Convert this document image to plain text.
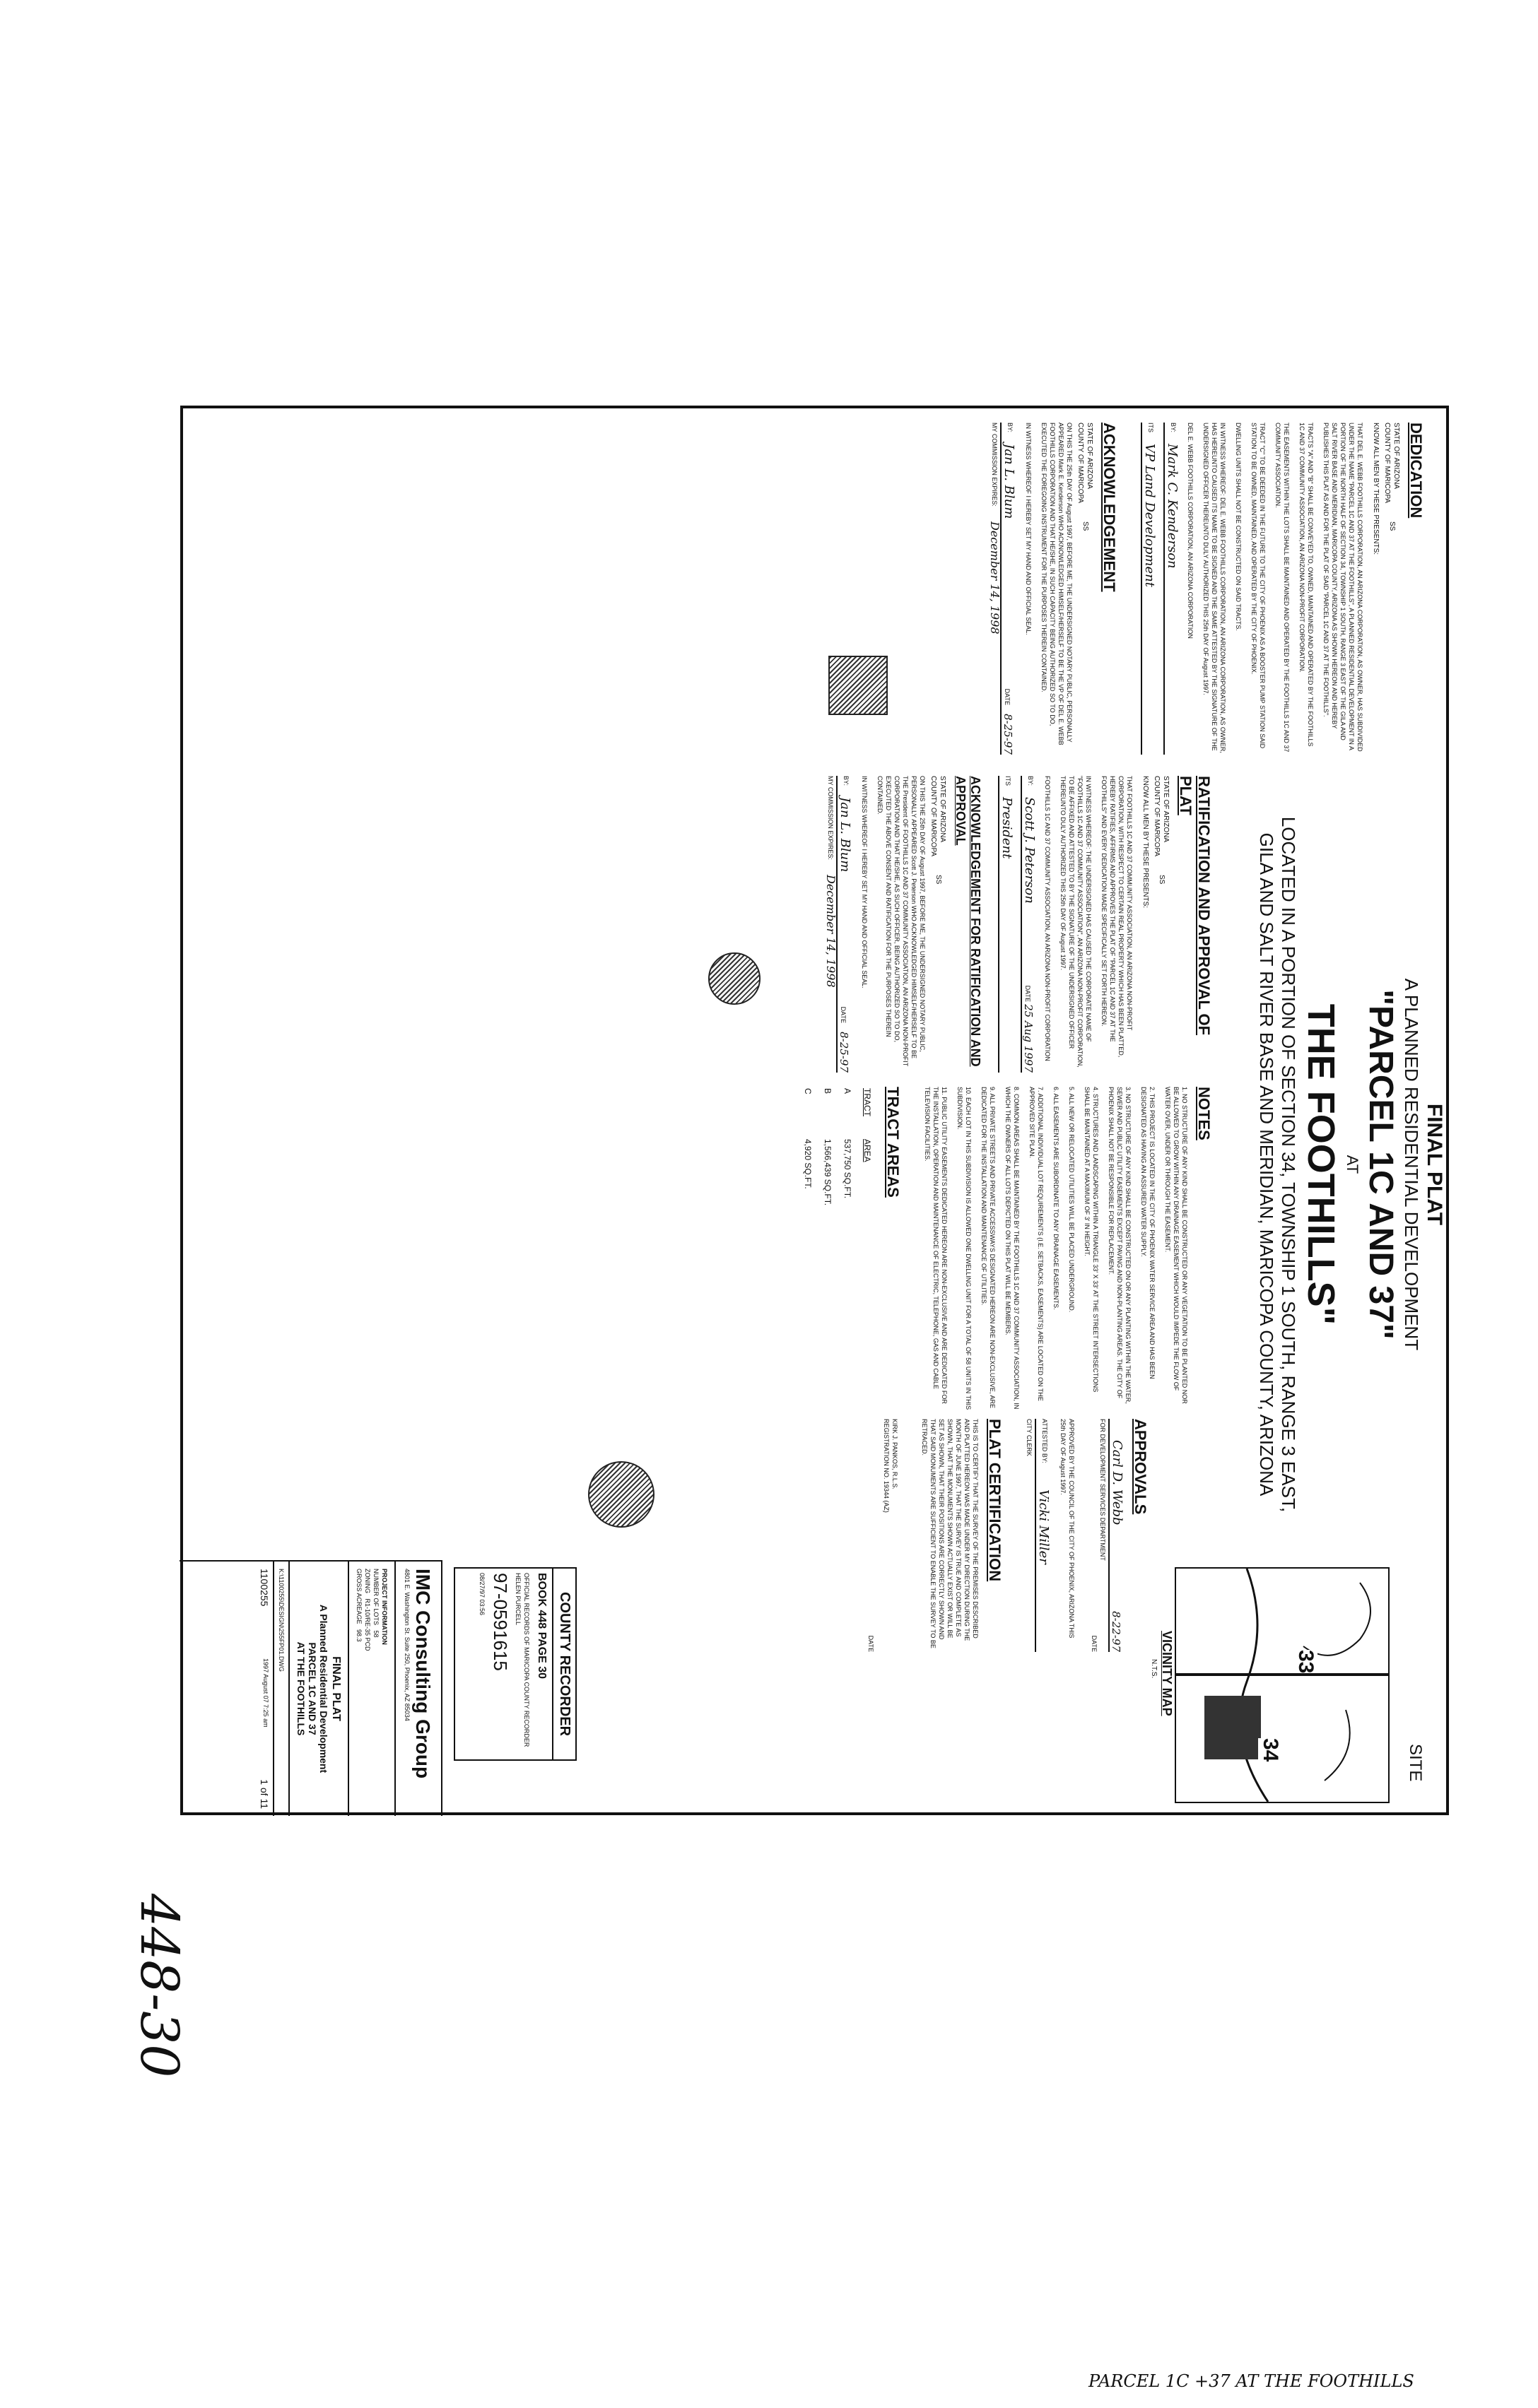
DEDICATION
STATE OF ARIZONA
COUNTY OF MARICOPA
SS
KNOW ALL MEN BY THESE PRESENTS:
THAT DEL E. WEBB FOOTHILLS CORPORATION, AN ARIZONA CORPORATION, AS OWNER, HAS SUBDIVIDED UNDER THE NAME "PARCEL 1C AND 37 AT THE FOOTHILLS", A PLANNED RESIDENTIAL DEVELOPMENT IN A PORTION OF THE NORTH HALF OF SECTION 34, TOWNSHIP 1 SOUTH, RANGE 3 EAST OF THE GILA AND SALT RIVER BASE AND MERIDIAN, MARICOPA COUNTY, ARIZONA AS SHOWN HEREON AND HEREBY PUBLISHES THIS PLAT AS AND FOR THE PLAT OF SAID "PARCEL 1C AND 37 AT THE FOOTHILLS".
TRACTS "A" AND "B" SHALL BE CONVEYED TO, OWNED, MAINTAINED AND OPERATED BY THE FOOTHILLS 1C AND 37 COMMUNITY ASSOCIATION, AN ARIZONA NON-PROFIT CORPORATION.
THE EASEMENTS WITHIN THE LOTS SHALL BE MAINTAINED AND OPERATED BY THE FOOTHILLS 1C AND 37 COMMUNITY ASSOCIATION.
TRACT "C" TO BE DEEDED IN THE FUTURE TO THE CITY OF PHOENIX AS A BOOSTER PUMP STATION SAID STATION TO BE OWNED, MAINTAINED, AND OPERATED BY THE CITY OF PHOENIX.
DWELLING UNITS SHALL NOT BE CONSTRUCTED ON SAID TRACTS.
IN WITNESS WHEREOF: DEL E. WEBB FOOTHILLS CORPORATION, AN ARIZONA CORPORATION, AS OWNER, HAS HEREUNTO CAUSED ITS NAME TO BE SIGNED AND THE SAME ATTESTED BY THE SIGNATURE OF THE UNDERSIGNED OFFICER THEREUNTO DULY AUTHORIZED THIS 25th DAY OF August 1997.
DEL E. WEBB FOOTHILLS CORPORATION, AN ARIZONA CORPORATION
BY:
Mark C. Kenderson
ITS
VP Land Development
ACKNOWLEDGEMENT
STATE OF ARIZONA
COUNTY OF MARICOPA
SS
ON THIS THE 25th DAY OF August 1997, BEFORE ME, THE UNDERSIGNED NOTARY PUBLIC, PERSONALLY APPEARED Mark E. Kenderson WHO ACKNOWLEDGED HIMSELF/HERSELF TO BE THE VP OF DEL E. WEBB FOOTHILLS CORPORATION AND THAT HE/SHE, IN SUCH CAPACITY BEING AUTHORIZED SO TO DO, EXECUTED THE FOREGOING INSTRUMENT FOR THE PURPOSES THEREIN CONTAINED.
IN WITNESS WHEREOF I HEREBY SET MY HAND AND OFFICIAL SEAL.
BY:
Jan L. Blum
DATE
8-25-97
MY COMMISSION EXPIRES:
December 14, 1998
FINAL PLAT
A PLANNED RESIDENTIAL DEVELOPMENT
"PARCEL 1C AND 37"
AT
THE FOOTHILLS"
LOCATED IN A PORTION OF SECTION 34, TOWNSHIP 1 SOUTH, RANGE 3 EAST,
GILA AND SALT RIVER BASE AND MERIDIAN, MARICOPA COUNTY, ARIZONA
RATIFICATION AND APPROVAL OF PLAT
STATE OF ARIZONA
COUNTY OF MARICOPA
SS
KNOW ALL MEN BY THESE PRESENTS:
THAT FOOTHILLS 1C AND 37 COMMUNITY ASSOCIATION, AN ARIZONA NON-PROFIT CORPORATION, WITH RESPECT TO CERTAIN REAL PROPERTY WHICH HAS BEEN PLATTED, HEREBY RATIFIES, AFFIRMS AND APPROVES THE PLAT OF "PARCEL 1C AND 37 AT THE FOOTHILLS" AND EVERY DEDICATION MADE SPECIFICALLY SET FORTH HEREON.
IN WITNESS WHEREOF: THE UNDERSIGNED HAS CAUSED THE CORPORATE NAME OF "FOOTHILLS 1C AND 37 COMMUNITY ASSOCIATION", AN ARIZONA NON-PROFIT CORPORATION, TO BE AFFIXED AND ATTESTED TO BY THE SIGNATURE OF THE UNDERSIGNED OFFICER THEREUNTO DULY AUTHORIZED THIS 25th DAY OF August 1997.
FOOTHILLS 1C AND 37 COMMUNITY ASSOCIATION, AN ARIZONA NON-PROFIT CORPORATION
BY:
Scott J. Peterson
DATE
25 Aug 1997
ITS
President
ACKNOWLEDGEMENT FOR RATIFICATION AND APPROVAL
STATE OF ARIZONA
COUNTY OF MARICOPA
SS
ON THIS THE 25th DAY OF August 1997, BEFORE ME, THE UNDERSIGNED NOTARY PUBLIC, PERSONALLY APPEARED Scott J. Peterson WHO ACKNOWLEDGED HIMSELF/HERSELF TO BE THE President OF FOOTHILLS 1C AND 37 COMMUNITY ASSOCIATION, AN ARIZONA NON-PROFIT CORPORATION AND THAT HE/SHE, AS SUCH OFFICER, BEING AUTHORIZED SO TO DO, EXECUTED THE ABOVE CONSENT AND RATIFICATION FOR THE PURPOSES THEREIN CONTAINED.
IN WITNESS WHEREOF I HEREBY SET MY HAND AND OFFICIAL SEAL.
BY:
Jan L. Blum
DATE
8-25-97
MY COMMISSION EXPIRES:
December 14, 1998
NOTES
1. NO STRUCTURE OF ANY KIND SHALL BE CONSTRUCTED OR ANY VEGETATION TO BE PLANTED NOR BE ALLOWED TO GROW WITHIN ANY DRAINAGE EASEMENT WHICH WOULD IMPEDE THE FLOW OF WATER OVER, UNDER OR THROUGH THE EASEMENT.
2. THIS PROJECT IS LOCATED IN THE CITY OF PHOENIX WATER SERVICE AREA AND HAS BEEN DESIGNATED AS HAVING AN ASSURED WATER SUPPLY.
3. NO STRUCTURE OF ANY KIND SHALL BE CONSTRUCTED ON OR ANY PLANTING WITHIN THE WATER, SEWER AND PUBLIC UTILITY EASEMENTS EXCEPT PAVING AND NON-PLANTING AREAS. THE CITY OF PHOENIX SHALL NOT BE RESPONSIBLE FOR REPLACEMENT.
4. STRUCTURES AND LANDSCAPING WITHIN A TRIANGLE 33' X 33' AT THE STREET INTERSECTIONS SHALL BE MAINTAINED AT A MAXIMUM OF 3' IN HEIGHT.
5. ALL NEW OR RELOCATED UTILITIES WILL BE PLACED UNDERGROUND.
6. ALL EASEMENTS ARE SUBORDINATE TO ANY DRAINAGE EASEMENTS.
7. ADDITIONAL INDIVIDUAL LOT REQUIREMENTS (I.E. SETBACKS, EASEMENTS) ARE LOCATED ON THE APPROVED SITE PLAN.
8. COMMON AREAS SHALL BE MAINTAINED BY THE FOOTHILLS 1C AND 37 COMMUNITY ASSOCIATION, IN WHICH THE OWNERS OF ALL LOTS DEPICTED ON THIS PLAT WILL BE MEMBERS.
9. ALL PRIVATE STREETS AND PRIVATE ACCESSWAYS DESIGNATED HEREON ARE NON-EXCLUSIVE, ARE DEDICATED FOR THE INSTALLATION AND MAINTENANCE OF UTILITIES.
10. EACH LOT IN THIS SUBDIVISION IS ALLOWED ONE DWELLING UNIT FOR A TOTAL OF 58 UNITS IN THIS SUBDIVISION.
11. PUBLIC UTILITY EASEMENTS DEDICATED HEREON ARE NON-EXCLUSIVE AND ARE DEDICATED FOR THE INSTALLATION, OPERATION AND MAINTENANCE OF ELECTRIC, TELEPHONE, GAS AND CABLE TELEVISION FACILITIES.
TRACT AREAS
TRACT	AREA
A	537,750 SQ.FT.
B	1,566,439 SQ.FT.
C	4,920 SQ.FT.
APPROVALS
Carl D. Webb
8-22-97
FOR DEVELOPMENT SERVICES DEPARTMENT
DATE
APPROVED BY THE COUNCIL OF THE CITY OF PHOENIX, ARIZONA THIS 25th DAY OF August 1997.
ATTESTED BY:
Vicki Miller
CITY CLERK
PLAT CERTIFICATION
THIS IS TO CERTIFY THAT THE SURVEY OF THE PREMISES DESCRIBED AND PLATTED HEREON WAS MADE UNDER MY DIRECTION DURING THE MONTH OF JUNE 1997, THAT THE SURVEY IS TRUE AND COMPLETE AS SHOWN, THAT THE MONUMENTS SHOWN ACTUALLY EXIST OR WILL BE SET AS SHOWN, THAT THEIR POSITIONS ARE CORRECTLY SHOWN AND THAT SAID MONUMENTS ARE SUFFICIENT TO ENABLE THE SURVEY TO BE RETRACED.
KIRK J. PANKOS, R.L.S.
REGISTRATION NO. 19344 (AZ)
DATE
SITE
33
34
VICINITY MAP
N.T.S.
COUNTY RECORDER
BOOK 448 PAGE 30
OFFICIAL RECORDS OF MARICOPA COUNTY RECORDER HELEN PURCELL
97-0591615
08/27/97 03:56
IMC Consulting Group
4801 E. Washington St. Suite 250, Phoenix, AZ 85034
PROJECT INFORMATION
NUMBER OF LOTS   58
ZONING   R1-10/RE-35 PCD
GROSS ACREAGE   98.3
FINAL PLAT
A Planned Residential Development
PARCEL 1C AND 37
AT THE FOOTHILLS
K:\1100255\DESIGN\255FP01.DWG
1100255
1997 August 07 7:25 am
1 of 11
448-30
PARCEL 1C +37 AT THE FOOTHILLS
